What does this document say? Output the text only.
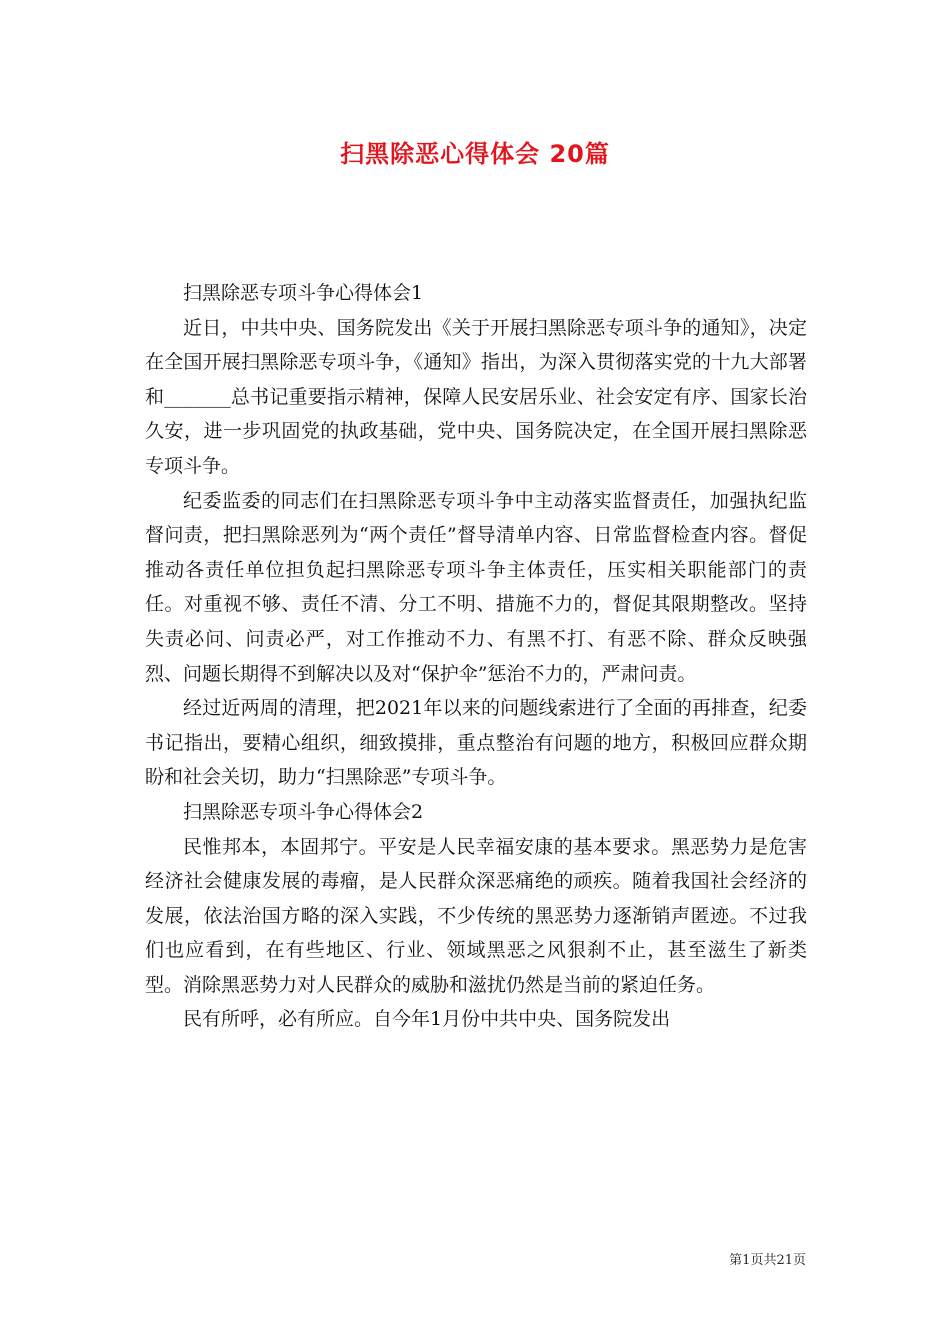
扫黑除恶心得体会 20篇

扫黑除恶专项斗争心得体会1

近日，中共中央、国务院发出《关于开展扫黑除恶专项斗争的通知》，决定在全国开展扫黑除恶专项斗争，《通知》指出，为深入贯彻落实党的十九大部署和_______总书记重要指示精神，保障人民安居乐业、社会安定有序、国家长治久安，进一步巩固党的执政基础，党中央、国务院决定，在全国开展扫黑除恶专项斗争。

纪委监委的同志们在扫黑除恶专项斗争中主动落实监督责任，加强执纪监督问责，把扫黑除恶列为“两个责任”督导清单内容、日常监督检查内容。督促推动各责任单位担负起扫黑除恶专项斗争主体责任，压实相关职能部门的责任。对重视不够、责任不清、分工不明、措施不力的，督促其限期整改。坚持失责必问、问责必严，对工作推动不力、有黑不打、有恶不除、群众反映强烈、问题长期得不到解决以及对“保护伞”惩治不力的，严肃问责。

经过近两周的清理，把2021年以来的问题线索进行了全面的再排查，纪委书记指出，要精心组织，细致摸排，重点整治有问题的地方，积极回应群众期盼和社会关切，助力“扫黑除恶”专项斗争。

扫黑除恶专项斗争心得体会2

民惟邦本，本固邦宁。平安是人民幸福安康的基本要求。黑恶势力是危害经济社会健康发展的毒瘤，是人民群众深恶痛绝的顽疾。随着我国社会经济的发展，依法治国方略的深入实践，不少传统的黑恶势力逐渐销声匿迹。不过我们也应看到，在有些地区、行业、领域黑恶之风狠刹不止，甚至滋生了新类型。消除黑恶势力对人民群众的威胁和滋扰仍然是当前的紧迫任务。

民有所呼，必有所应。自今年1月份中共中央、国务院发出

第1页共21页
